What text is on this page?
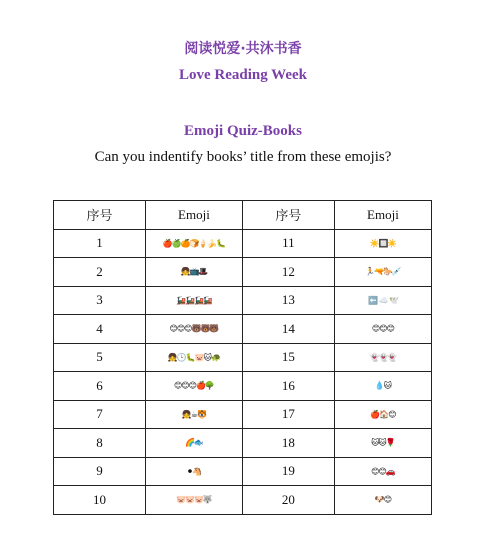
阅读悦爱·共沐书香
Love Reading Week
Emoji Quiz-Books
Can you indentify books’ title from these emojis?
序号	Emoji	序号	Emoji
1	🍎🍏🍊🍞🍦🍌🐛	11	☀️🔲☀️
2	👧📺🎩	12	🏃🔫🐎💉
3	🚂🚂🚂🚂	13	⬅️ ☁️ 🕊️
4	😊😊😊🐻🐻🐻	14	😊😊😊
5	👧🕒🐛🐷🐱🐢	15	👻👻👻
6	😊😊😊🍎🌳	16	💧🐱
7	👧☕🐯	17	🍎🏠😊
8	🌈🐟	18	🐱🐱🌹
9	⚫🐴	19	😊😊🚗
10	🐷🐷🐷🐺	20	🐶😊
